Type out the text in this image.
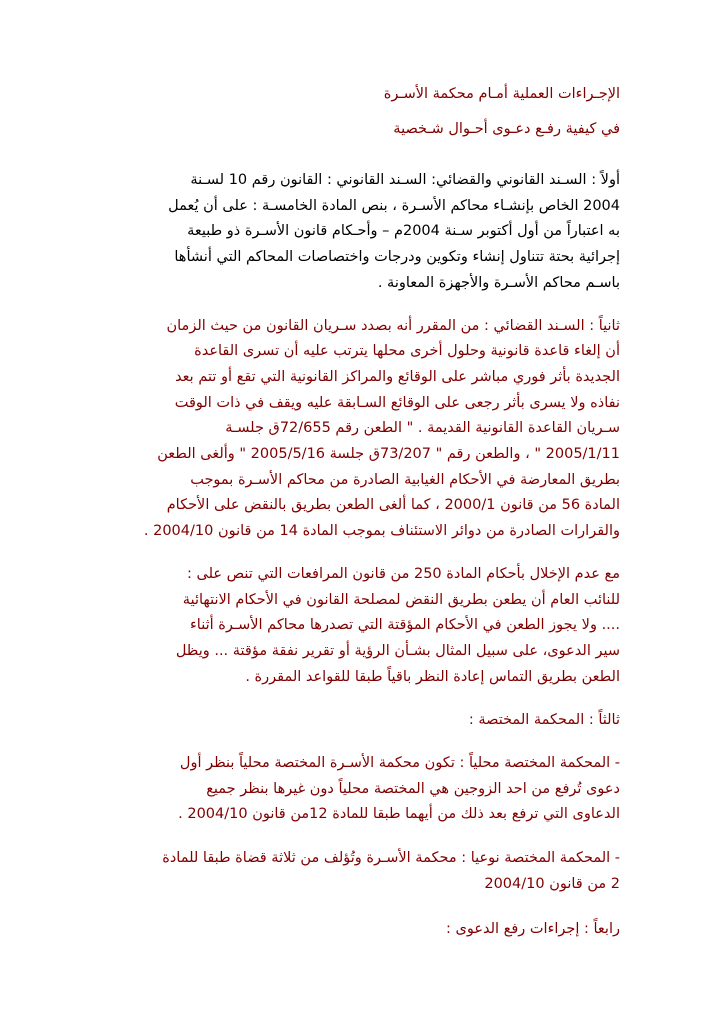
الإجـراءات العملية أمـام محكمة الأسـرة
في كيفية رفـع دعـوى أحـوال شـخصية

أولاً : السـند القانوني والقضائي: السـند القانوني : القانون رقم 10 لسـنة
2004 الخاص بإنشـاء محاكم الأسـرة ، بنص المادة الخامسـة : على أن يُعمل
به اعتباراً من أول أكتوبر سـنة 2004م – وأحـكام قانون الأسـرة ذو طبيعة
إجرائية بحتة تتناول إنشاء وتكوين ودرجات واختصاصات المحاكم التي أنشأها
باسـم محاكم الأسـرة والأجهزة المعاونة .

ثانياً : السـند القضائي : من المقرر أنه بصدد سـريان القانون من حيث الزمان
أن إلغاء قاعدة قانونية وحلول أخرى محلها يترتب عليه أن تسرى القاعدة
الجديدة بأثر فوري مباشر على الوقائع والمراكز القانونية التي تقع أو تتم بعد
نفاذه ولا يسرى بأثر رجعى على الوقائع السـابقة عليه ويقف في ذات الوقت
سـريان القاعدة القانونية القديمة . " الطعن رقم 72/655ق جلسـة
2005/1/11 " ، والطعن رقم " 73/207ق جلسة 2005/5/16 " وألغى الطعن
بطريق المعارضة في الأحكام الغيابية الصادرة من محاكم الأسـرة بموجب
المادة 56 من قانون 2000/1 ، كما ألغى الطعن بطريق بالنقض على الأحكام
والقرارات الصادرة من دوائر الاستئناف بموجب المادة 14 من قانون 2004/10 .

مع عدم الإخلال بأحكام المادة 250 من قانون المرافعات التي تنص على :
للنائب العام أن يطعن بطريق النقض لمصلحة القانون في الأحكام الانتهائية
.... ولا يجوز الطعن في الأحكام المؤقتة التي تصدرها محاكم الأسـرة أثناء
سير الدعوى، على سبيل المثال بشـأن الرؤية أو تقرير نفقة مؤقتة ... ويظل
الطعن بطريق التماس إعادة النظر باقياً طبقا للقواعد المقررة .

ثالثاً : المحكمة المختصة :

- المحكمة المختصة محلياً : تكون محكمة الأسـرة المختصة محلياً بنظر أول
دعوى تُرفع من احد الزوجين هي المختصة محلياً دون غيرها بنظر جميع
الدعاوى التي ترفع بعد ذلك من أيهما طبقا للمادة 12من قانون 2004/10 .

- المحكمة المختصة نوعيا : محكمة الأسـرة وتُؤلف من ثلاثة قضاة طبقا للمادة
2 من قانون 2004/10

رابعاً : إجراءات رفع الدعوى :
